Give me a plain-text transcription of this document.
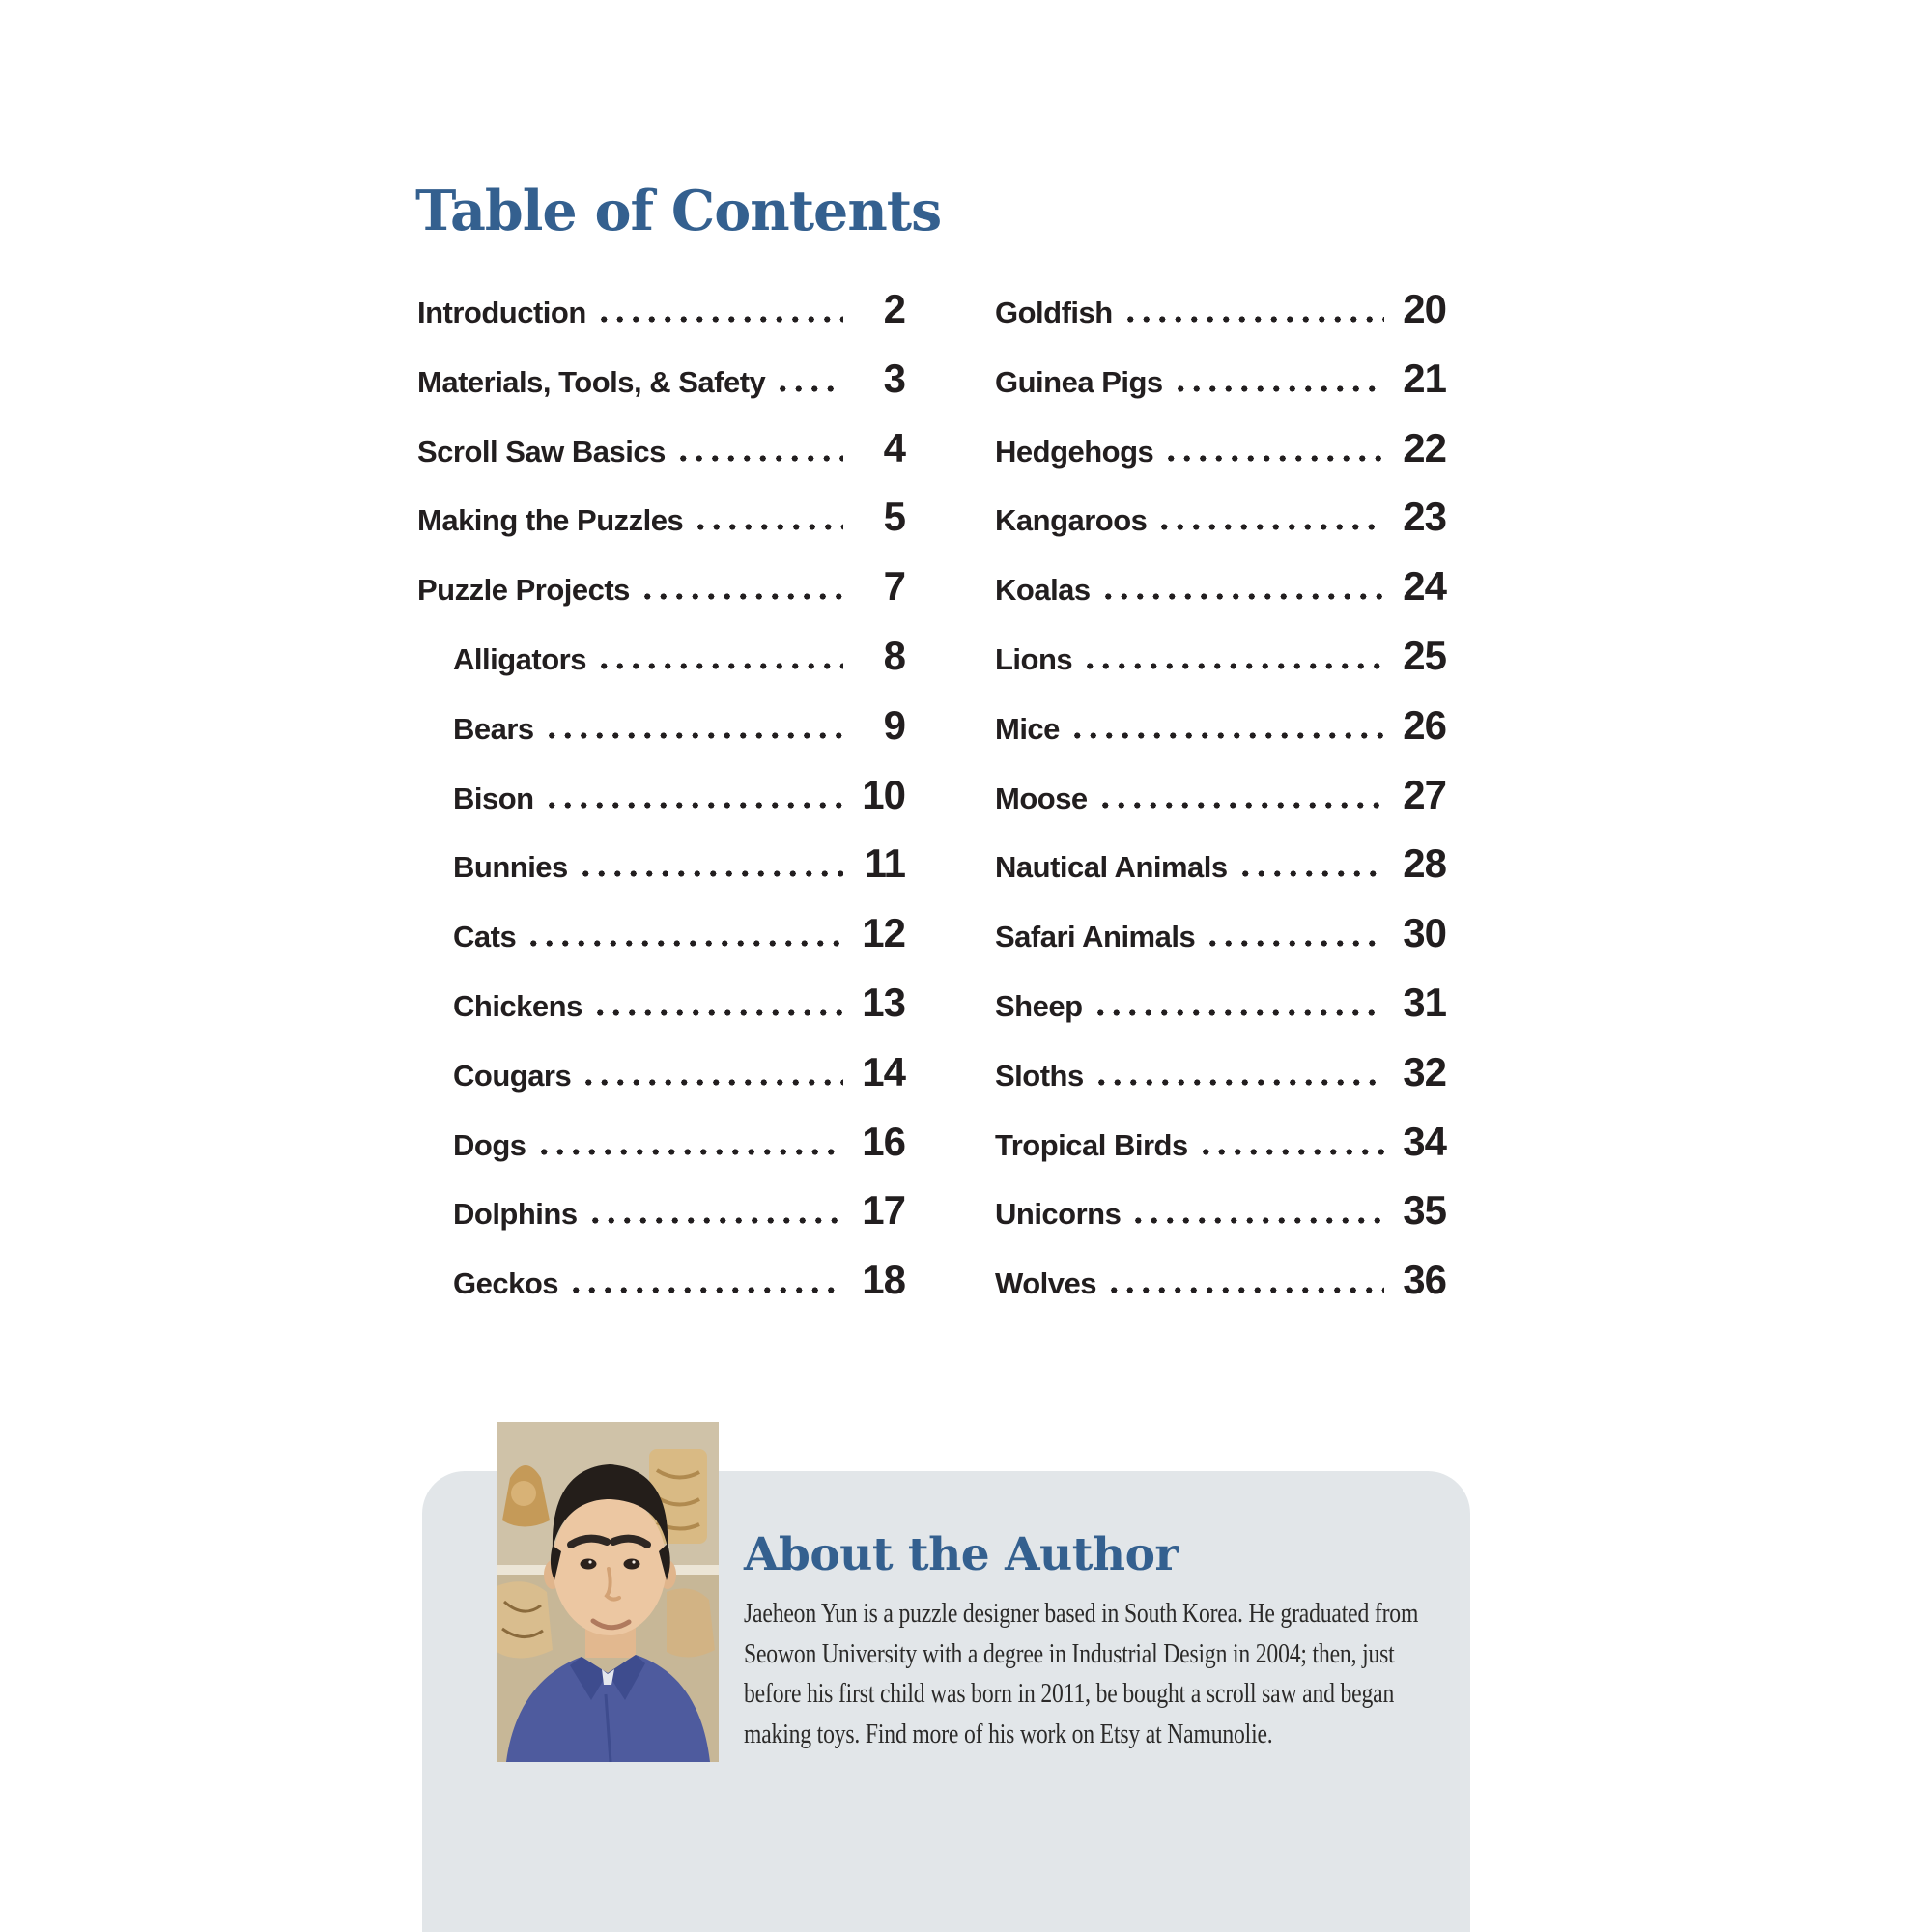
Table of Contents
Introduction	2
Materials, Tools, & Safety	3
Scroll Saw Basics	4
Making the Puzzles	5
Puzzle Projects	7
Alligators	8
Bears	9
Bison	10
Bunnies	11
Cats	12
Chickens	13
Cougars	14
Dogs	16
Dolphins	17
Geckos	18
Goldfish	20
Guinea Pigs	21
Hedgehogs	22
Kangaroos	23
Koalas	24
Lions	25
Mice	26
Moose	27
Nautical Animals	28
Safari Animals	30
Sheep	31
Sloths	32
Tropical Birds	34
Unicorns	35
Wolves	36
About the Author

Jaeheon Yun is a puzzle designer based in South Korea. He graduated from Seowon University with a degree in Industrial Design in 2004; then, just before his first child was born in 2011, be bought a scroll saw and began making toys. Find more of his work on Etsy at Namunolie.
